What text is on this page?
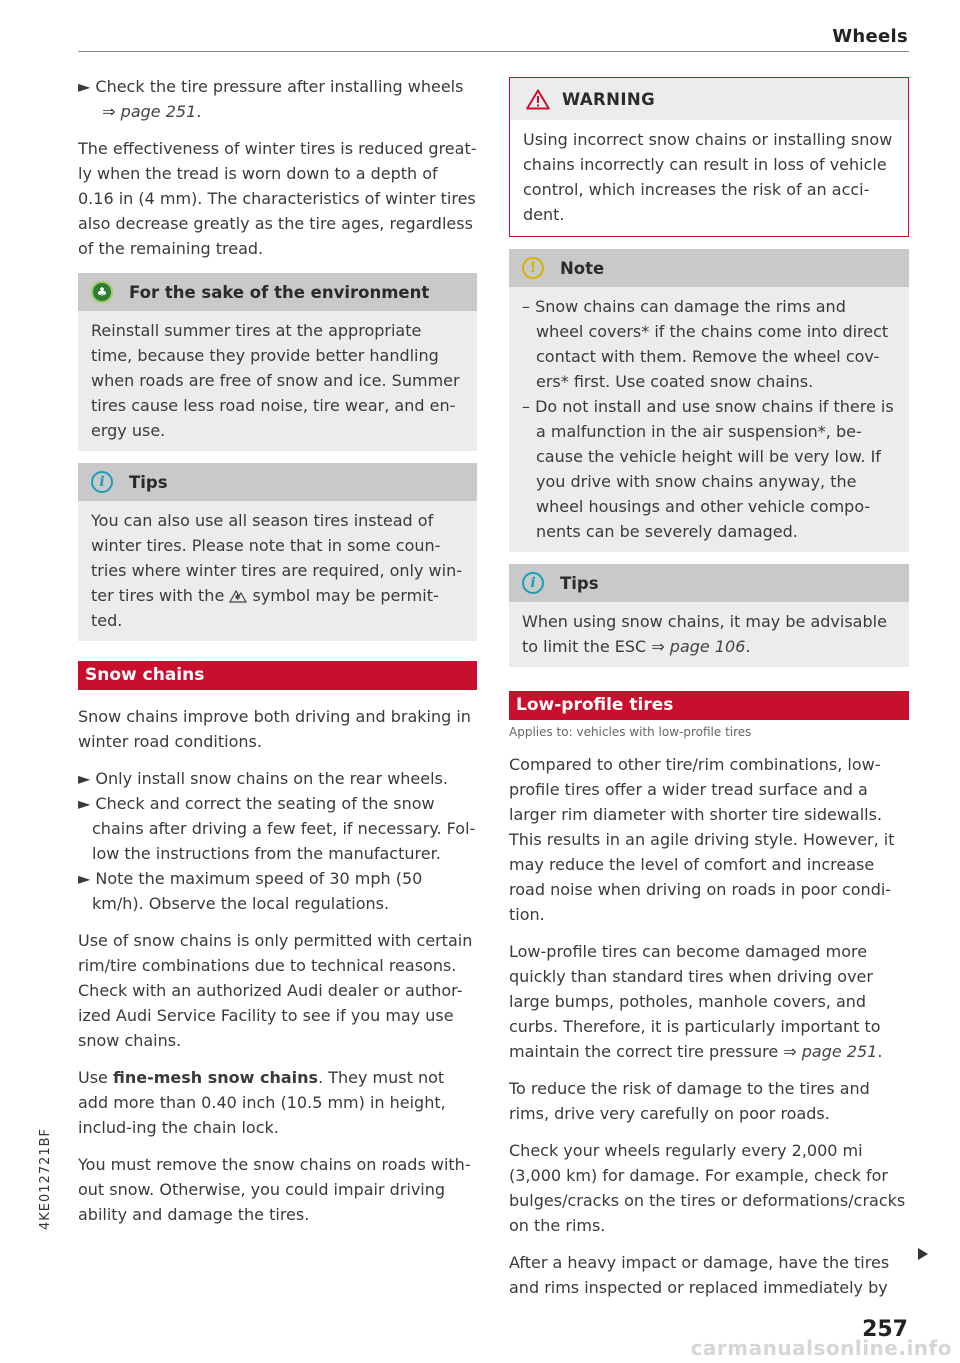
Wheels

► Check the tire pressure after installing wheels
⇒ page 251.

The effectiveness of winter tires is reduced great-ly when the tread is worn down to a depth of 0.16 in (4 mm). The characteristics of winter tires also decrease greatly as the tire ages, regardless of the remaining tread.

♣	For the sake of the environment
Reinstall summer tires at the appropriate time, because they provide better handling when roads are free of snow and ice. Summer tires cause less road noise, tire wear, and en-ergy use.
i	Tips
You can also use all season tires instead of winter tires. Please note that in some coun-tries where winter tires are required, only win-ter tires with the symbol may be permit-ted.
Snow chains

Snow chains improve both driving and braking in winter road conditions.

► Only install snow chains on the rear wheels.

► Check and correct the seating of the snow chains after driving a few feet, if necessary. Fol-low the instructions from the manufacturer.

► Note the maximum speed of 30 mph (50 km/h). Observe the local regulations.

Use of snow chains is only permitted with certain rim/tire combinations due to technical reasons. Check with an authorized Audi dealer or author-ized Audi Service Facility to see if you may use snow chains.

Use fine-mesh snow chains. They must not add more than 0.40 inch (10.5 mm) in height, includ-ing the chain lock.

You must remove the snow chains on roads with-out snow. Otherwise, you could impair driving ability and damage the tires.

WARNING
Using incorrect snow chains or installing snow chains incorrectly can result in loss of vehicle control, which increases the risk of an acci-dent.
!	Note

– Snow chains can damage the rims and wheel covers* if the chains come into direct contact with them. Remove the wheel cov-ers* first. Use coated snow chains.

– Do not install and use snow chains if there is a malfunction in the air suspension*, be-cause the vehicle height will be very low. If you drive with snow chains anyway, the wheel housings and other vehicle compo-nents can be severely damaged.

i	Tips
When using snow chains, it may be advisable to limit the ESC ⇒ page 106.
Low-profile tires

Applies to: vehicles with low-profile tires

Compared to other tire/rim combinations, low-profile tires offer a wider tread surface and a larger rim diameter with shorter tire sidewalls. This results in an agile driving style. However, it may reduce the level of comfort and increase road noise when driving on roads in poor condi-tion.

Low-profile tires can become damaged more quickly than standard tires when driving over large bumps, potholes, manhole covers, and curbs. Therefore, it is particularly important to maintain the correct tire pressure ⇒ page 251.

To reduce the risk of damage to the tires and rims, drive very carefully on poor roads.

Check your wheels regularly every 2,000 mi (3,000 km) for damage. For example, check for bulges/cracks on the tires or deformations/cracks on the rims.

After a heavy impact or damage, have the tires and rims inspected or replaced immediately by

4KE012721BF
257
carmanualsonline.info
